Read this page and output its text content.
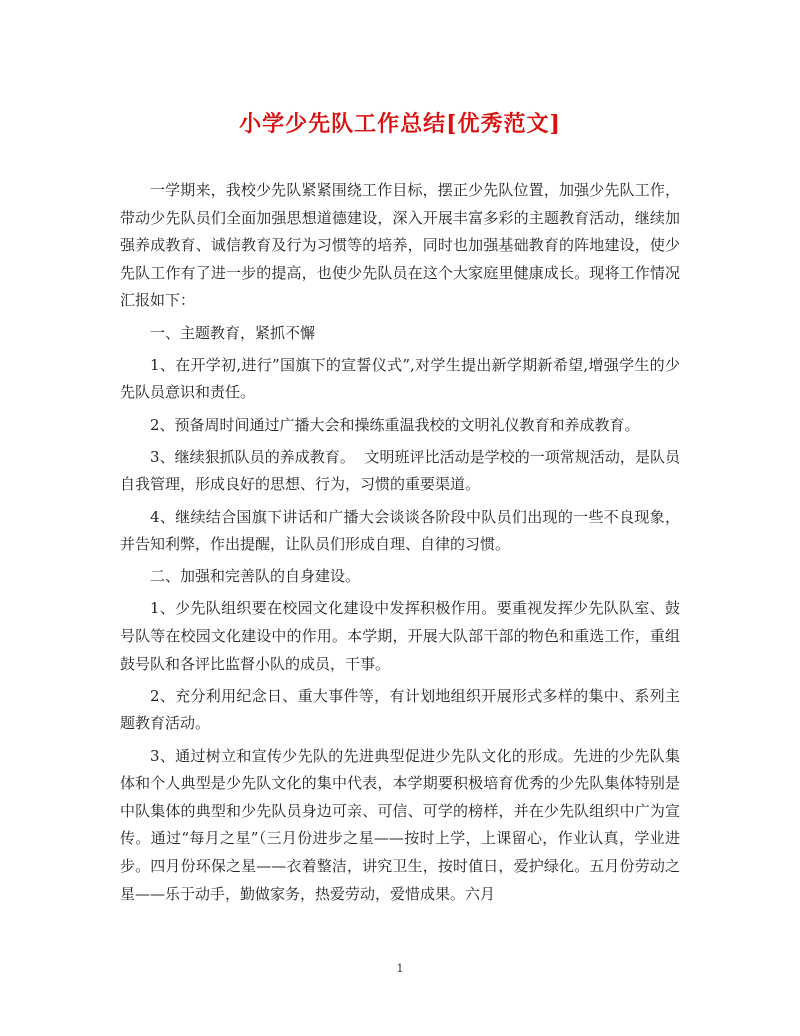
小学少先队工作总结[优秀范文]

一学期来，我校少先队紧紧围绕工作目标，摆正少先队位置，加强少先队工作，带动少先队员们全面加强思想道德建设，深入开展丰富多彩的主题教育活动，继续加强养成教育、诚信教育及行为习惯等的培养，同时也加强基础教育的阵地建设，使少先队工作有了进一步的提高，也使少先队员在这个大家庭里健康成长。现将工作情况汇报如下：

一、主题教育，紧抓不懈

1、在开学初,进行”国旗下的宣誓仪式”,对学生提出新学期新希望,增强学生的少先队员意识和责任。

2、预备周时间通过广播大会和操练重温我校的文明礼仪教育和养成教育。

3、继续狠抓队员的养成教育。  文明班评比活动是学校的一项常规活动，是队员自我管理，形成良好的思想、行为，习惯的重要渠道。

4、继续结合国旗下讲话和广播大会谈谈各阶段中队员们出现的一些不良现象，并告知利弊，作出提醒，让队员们形成自理、自律的习惯。

二、加强和完善队的自身建设。

1、少先队组织要在校园文化建设中发挥积极作用。要重视发挥少先队队室、鼓号队等在校园文化建设中的作用。本学期，开展大队部干部的物色和重选工作，重组鼓号队和各评比监督小队的成员，干事。

2、充分利用纪念日、重大事件等，有计划地组织开展形式多样的集中、系列主题教育活动。

3、通过树立和宣传少先队的先进典型促进少先队文化的形成。先进的少先队集体和个人典型是少先队文化的集中代表，本学期要积极培育优秀的少先队集体特别是中队集体的典型和少先队员身边可亲、可信、可学的榜样，并在少先队组织中广为宣传。通过“每月之星”（三月份进步之星——按时上学，上课留心，作业认真，学业进步。四月份环保之星——衣着整洁，讲究卫生，按时值日，爱护绿化。五月份劳动之星——乐于动手，勤做家务，热爱劳动，爱惜成果。六月

1
